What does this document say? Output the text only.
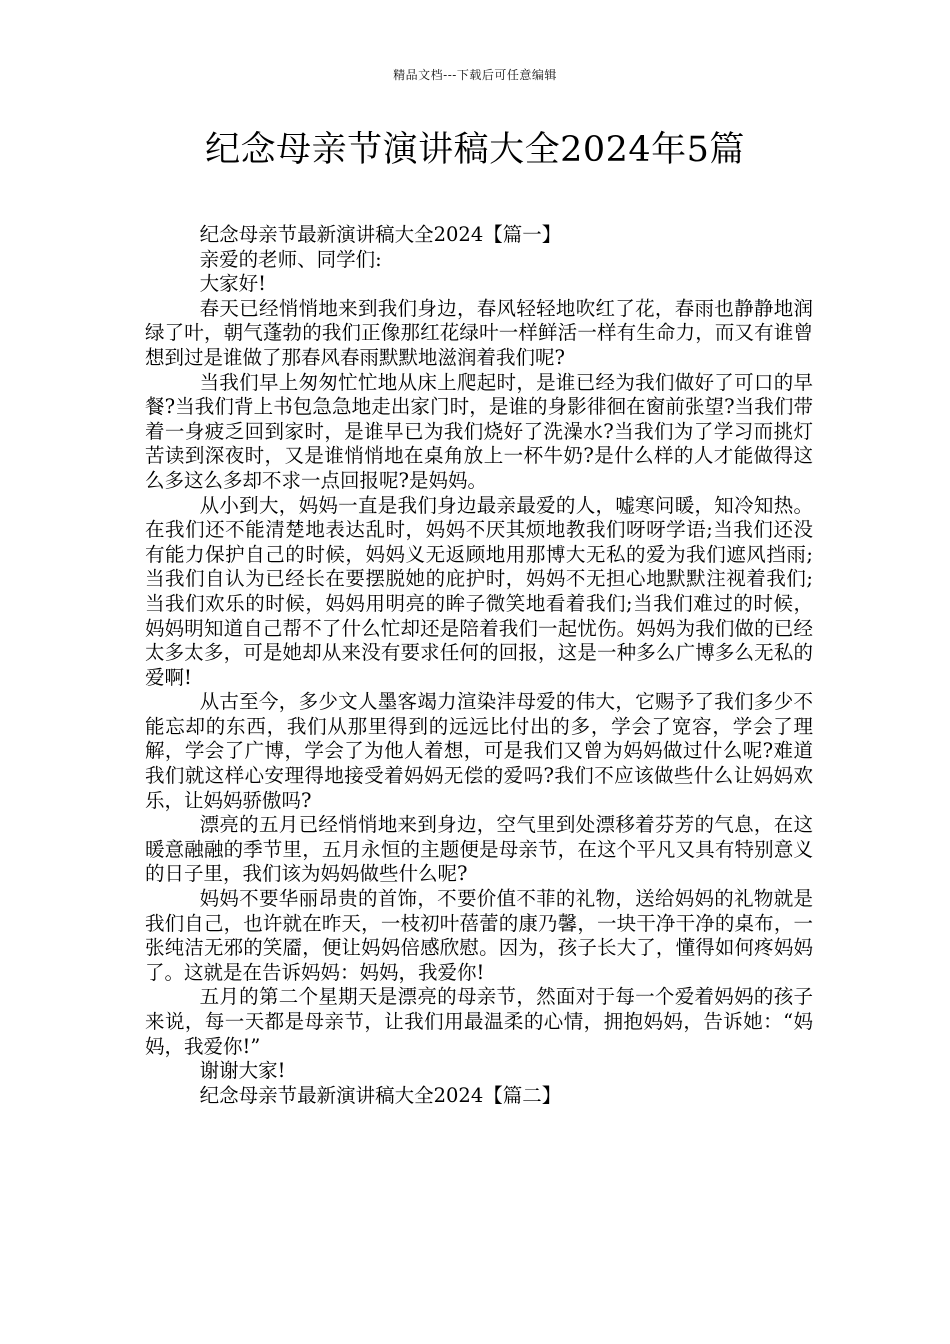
精品文档---下载后可任意编辑
纪念母亲节演讲稿大全2024年5篇

纪念母亲节最新演讲稿大全2024【篇一】

亲爱的老师、同学们:

大家好!

春天已经悄悄地来到我们身边，春风轻轻地吹红了花，春雨也静静地润绿了叶，朝气蓬勃的我们正像那红花绿叶一样鲜活一样有生命力，而又有谁曾想到过是谁做了那春风春雨默默地滋润着我们呢?

当我们早上匆匆忙忙地从床上爬起时，是谁已经为我们做好了可口的早餐?当我们背上书包急急地走出家门时，是谁的身影徘徊在窗前张望?当我们带着一身疲乏回到家时，是谁早已为我们烧好了洗澡水?当我们为了学习而挑灯苦读到深夜时，又是谁悄悄地在桌角放上一杯牛奶?是什么样的人才能做得这么多这么多却不求一点回报呢?是妈妈。

从小到大，妈妈一直是我们身边最亲最爱的人，嘘寒问暖，知冷知热。在我们还不能清楚地表达乱时，妈妈不厌其烦地教我们呀呀学语;当我们还没有能力保护自己的时候，妈妈义无返顾地用那博大无私的爱为我们遮风挡雨;当我们自认为已经长在要摆脱她的庇护时，妈妈不无担心地默默注视着我们;当我们欢乐的时候，妈妈用明亮的眸子微笑地看着我们;当我们难过的时候，妈妈明知道自己帮不了什么忙却还是陪着我们一起忧伤。妈妈为我们做的已经太多太多，可是她却从来没有要求任何的回报，这是一种多么广博多么无私的爱啊!

从古至今，多少文人墨客竭力渲染沣母爱的伟大，它赐予了我们多少不能忘却的东西，我们从那里得到的远远比付出的多，学会了宽容，学会了理解，学会了广博，学会了为他人着想，可是我们又曾为妈妈做过什么呢?难道我们就这样心安理得地接受着妈妈无偿的爱吗?我们不应该做些什么让妈妈欢乐，让妈妈骄傲吗?

漂亮的五月已经悄悄地来到身边，空气里到处漂移着芬芳的气息，在这暖意融融的季节里，五月永恒的主题便是母亲节，在这个平凡又具有特别意义的日子里，我们该为妈妈做些什么呢?

妈妈不要华丽昂贵的首饰，不要价值不菲的礼物，送给妈妈的礼物就是我们自己，也许就在昨天，一枝初叶蓓蕾的康乃馨，一块干净干净的桌布，一张纯洁无邪的笑靥，便让妈妈倍感欣慰。因为，孩子长大了，懂得如何疼妈妈了。这就是在告诉妈妈：妈妈，我爱你!

五月的第二个星期天是漂亮的母亲节，然面对于每一个爱着妈妈的孩子来说，每一天都是母亲节，让我们用最温柔的心情，拥抱妈妈，告诉她：“妈妈，我爱你!”

谢谢大家!

纪念母亲节最新演讲稿大全2024【篇二】
